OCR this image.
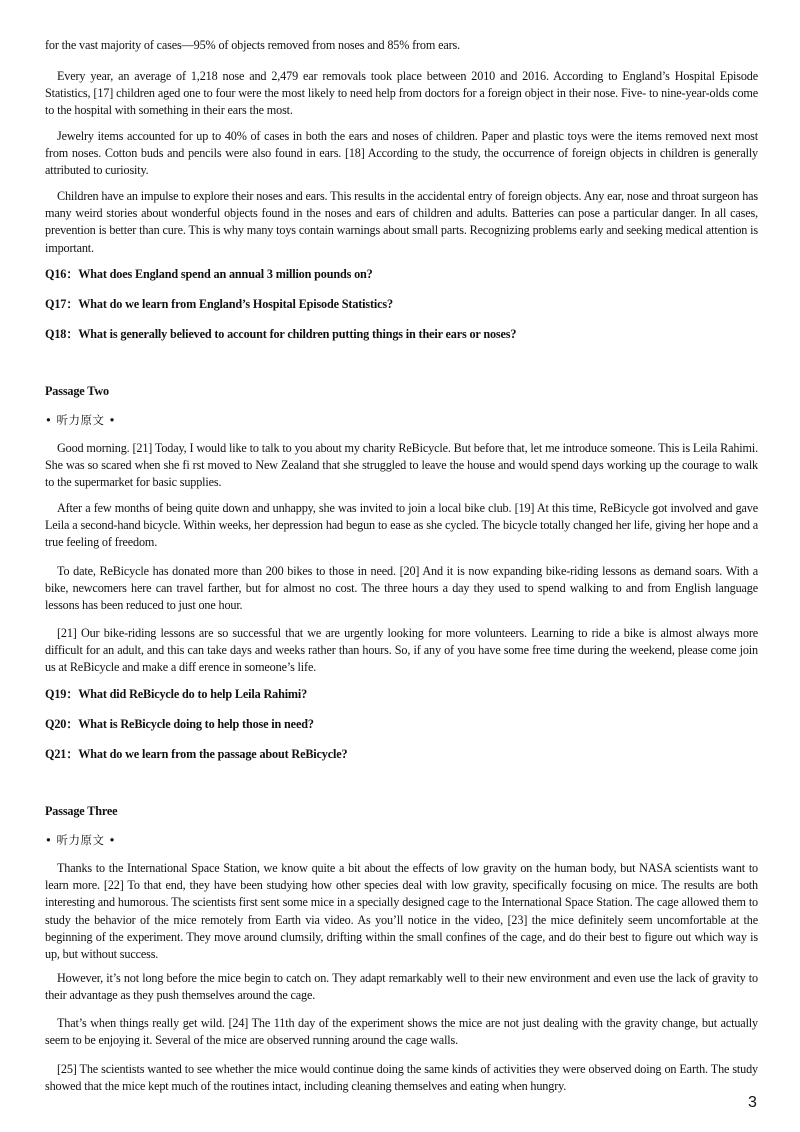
for the vast majority of cases—95% of objects removed from noses and 85% from ears.

Every year, an average of 1,218 nose and 2,479 ear removals took place between 2010 and 2016. According to England’s Hospital Episode Statistics, [17] children aged one to four were the most likely to need help from doctors for a foreign object in their nose. Five- to nine-year-olds come to the hospital with something in their ears the most.

Jewelry items accounted for up to 40% of cases in both the ears and noses of children. Paper and plastic toys were the items removed next most from noses. Cotton buds and pencils were also found in ears. [18] According to the study, the occurrence of foreign objects in children is generally attributed to curiosity.

Children have an impulse to explore their noses and ears. This results in the accidental entry of foreign objects. Any ear, nose and throat surgeon has many weird stories about wonderful objects found in the noses and ears of children and adults. Batteries can pose a particular danger. In all cases, prevention is better than cure. This is why many toys contain warnings about small parts. Recognizing problems early and seeking medical attention is important.

Q16：What does England spend an annual 3 million pounds on?

Q17：What do we learn from England’s Hospital Episode Statistics?

Q18：What is generally believed to account for children putting things in their ears or noses?

Passage Two

• 听力原文 •

Good morning. [21] Today, I would like to talk to you about my charity ReBicycle. But before that, let me introduce someone. This is Leila Rahimi. She was so scared when she fi rst moved to New Zealand that she struggled to leave the house and would spend days working up the courage to walk to the supermarket for basic supplies.

After a few months of being quite down and unhappy, she was invited to join a local bike club. [19] At this time, ReBicycle got involved and gave Leila a second-hand bicycle. Within weeks, her depression had begun to ease as she cycled. The bicycle totally changed her life, giving her hope and a true feeling of freedom.

To date, ReBicycle has donated more than 200 bikes to those in need. [20] And it is now expanding bike-riding lessons as demand soars. With a bike, newcomers here can travel farther, but for almost no cost. The three hours a day they used to spend walking to and from English language lessons has been reduced to just one hour.

[21] Our bike-riding lessons are so successful that we are urgently looking for more volunteers. Learning to ride a bike is almost always more difficult for an adult, and this can take days and weeks rather than hours. So, if any of you have some free time during the weekend, please come join us at ReBicycle and make a diff erence in someone’s life.

Q19：What did ReBicycle do to help Leila Rahimi?

Q20：What is ReBicycle doing to help those in need?

Q21：What do we learn from the passage about ReBicycle?

Passage Three

• 听力原文 •

Thanks to the International Space Station, we know quite a bit about the effects of low gravity on the human body, but NASA scientists want to learn more. [22] To that end, they have been studying how other species deal with low gravity, specifically focusing on mice. The results are both interesting and humorous. The scientists first sent some mice in a specially designed cage to the International Space Station. The cage allowed them to study the behavior of the mice remotely from Earth via video. As you’ll notice in the video, [23] the mice definitely seem uncomfortable at the beginning of the experiment. They move around clumsily, drifting within the small confines of the cage, and do their best to figure out which way is up, but without success.

However, it’s not long before the mice begin to catch on. They adapt remarkably well to their new environment and even use the lack of gravity to their advantage as they push themselves around the cage.

That’s when things really get wild. [24] The 11th day of the experiment shows the mice are not just dealing with the gravity change, but actually seem to be enjoying it. Several of the mice are observed running around the cage walls.

[25] The scientists wanted to see whether the mice would continue doing the same kinds of activities they were observed doing on Earth. The study showed that the mice kept much of the routines intact, including cleaning themselves and eating when hungry.

3
